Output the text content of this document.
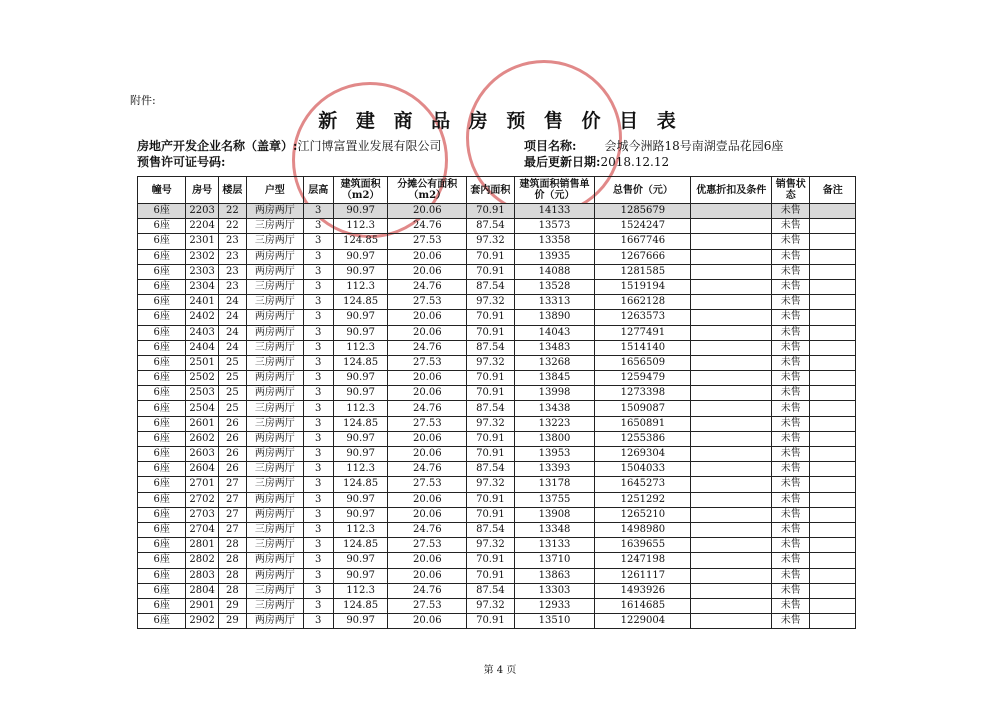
附件:
新 建 商 品 房 预 售 价 目 表
房地产开发企业名称（盖章）:江门博富置业发展有限公司
预售许可证号码:
项目名称: 会城今洲路18号南湖壹品花园6座
最后更新日期:2018.12.12
幢号	房号	楼层	户型	层高	建筑面积（m2）	分摊公有面积（m2）	套内面积	建筑面积销售单价（元）	总售价（元）	优惠折扣及条件	销售状态	备注
6座	2203	22	两房两厅	3	90.97	20.06	70.91	14133	1285679		未售	
6座	2204	22	三房两厅	3	112.3	24.76	87.54	13573	1524247		未售	
6座	2301	23	三房两厅	3	124.85	27.53	97.32	13358	1667746		未售	
6座	2302	23	两房两厅	3	90.97	20.06	70.91	13935	1267666		未售	
6座	2303	23	两房两厅	3	90.97	20.06	70.91	14088	1281585		未售	
6座	2304	23	三房两厅	3	112.3	24.76	87.54	13528	1519194		未售	
6座	2401	24	三房两厅	3	124.85	27.53	97.32	13313	1662128		未售	
6座	2402	24	两房两厅	3	90.97	20.06	70.91	13890	1263573		未售	
6座	2403	24	两房两厅	3	90.97	20.06	70.91	14043	1277491		未售	
6座	2404	24	三房两厅	3	112.3	24.76	87.54	13483	1514140		未售	
6座	2501	25	三房两厅	3	124.85	27.53	97.32	13268	1656509		未售	
6座	2502	25	两房两厅	3	90.97	20.06	70.91	13845	1259479		未售	
6座	2503	25	两房两厅	3	90.97	20.06	70.91	13998	1273398		未售	
6座	2504	25	三房两厅	3	112.3	24.76	87.54	13438	1509087		未售	
6座	2601	26	三房两厅	3	124.85	27.53	97.32	13223	1650891		未售	
6座	2602	26	两房两厅	3	90.97	20.06	70.91	13800	1255386		未售	
6座	2603	26	两房两厅	3	90.97	20.06	70.91	13953	1269304		未售	
6座	2604	26	三房两厅	3	112.3	24.76	87.54	13393	1504033		未售	
6座	2701	27	三房两厅	3	124.85	27.53	97.32	13178	1645273		未售	
6座	2702	27	两房两厅	3	90.97	20.06	70.91	13755	1251292		未售	
6座	2703	27	两房两厅	3	90.97	20.06	70.91	13908	1265210		未售	
6座	2704	27	三房两厅	3	112.3	24.76	87.54	13348	1498980		未售	
6座	2801	28	三房两厅	3	124.85	27.53	97.32	13133	1639655		未售	
6座	2802	28	两房两厅	3	90.97	20.06	70.91	13710	1247198		未售	
6座	2803	28	两房两厅	3	90.97	20.06	70.91	13863	1261117		未售	
6座	2804	28	三房两厅	3	112.3	24.76	87.54	13303	1493926		未售	
6座	2901	29	三房两厅	3	124.85	27.53	97.32	12933	1614685		未售	
6座	2902	29	两房两厅	3	90.97	20.06	70.91	13510	1229004		未售	
第 4 页
